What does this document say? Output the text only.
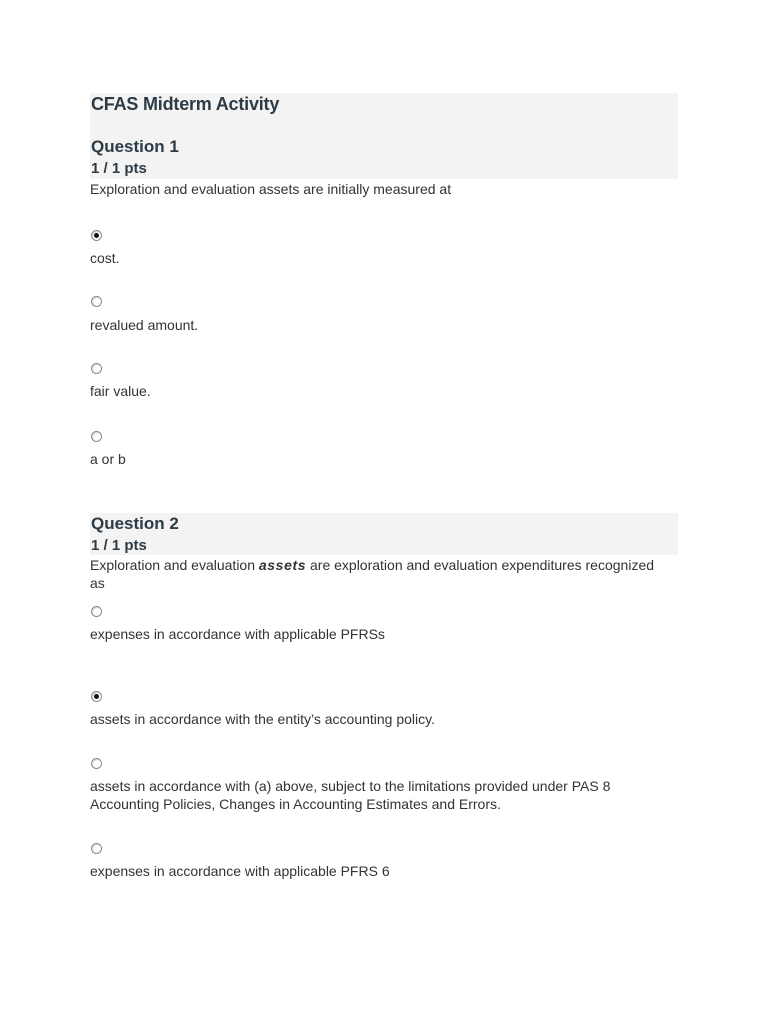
CFAS Midterm Activity
Question 1
1 / 1 pts
Exploration and evaluation assets are initially measured at
cost.
revalued amount.
fair value.
a or b
Question 2
1 / 1 pts
Exploration and evaluation assets are exploration and evaluation expenditures recognized as
expenses in accordance with applicable PFRSs
assets in accordance with the entity’s accounting policy.
assets in accordance with (a) above, subject to the limitations provided under PAS 8 Accounting Policies, Changes in Accounting Estimates and Errors.
expenses in accordance with applicable PFRS 6
